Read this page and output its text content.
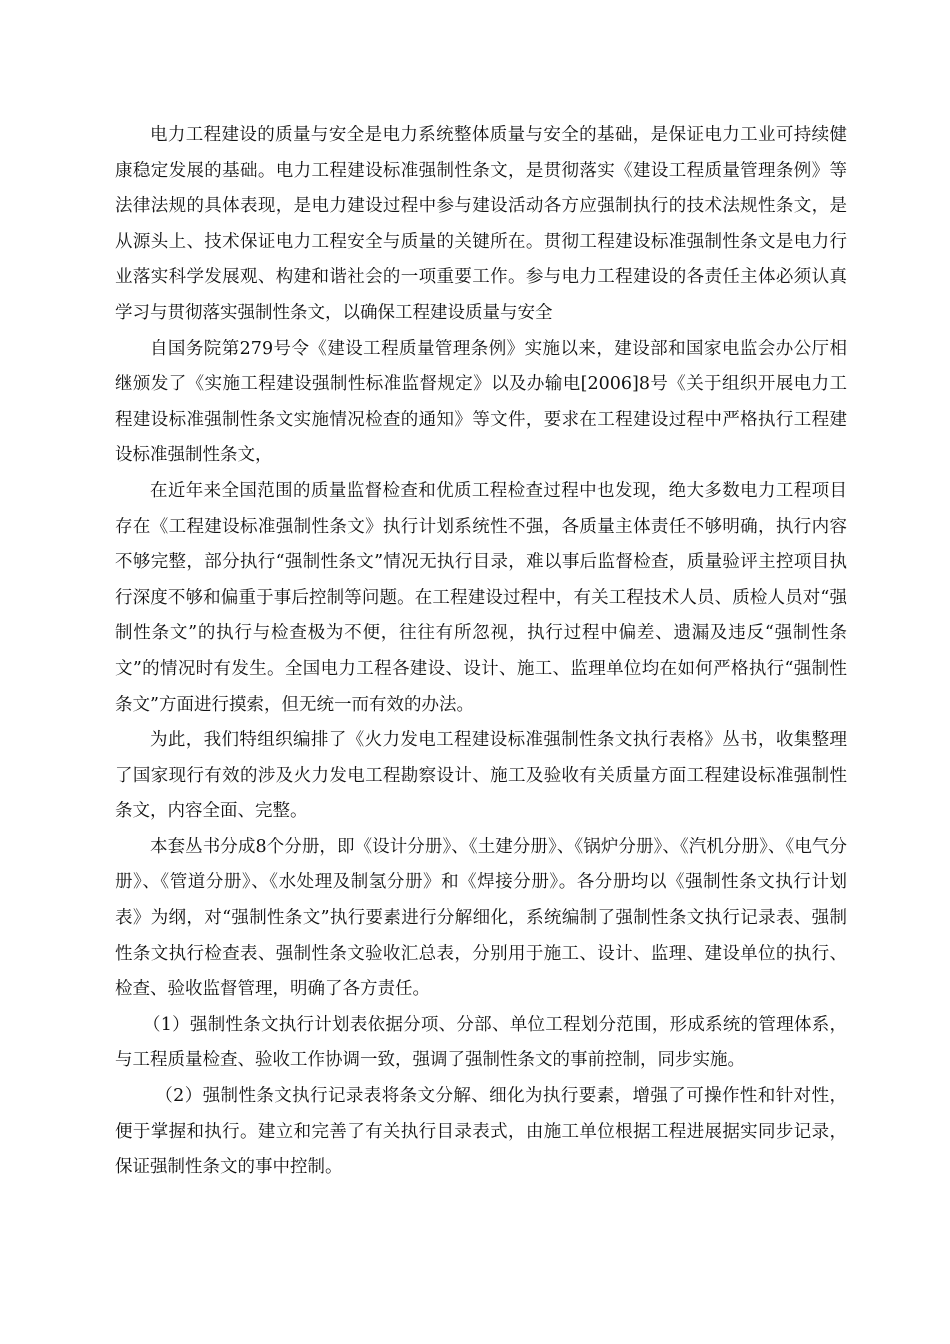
电力工程建设的质量与安全是电力系统整体质量与安全的基础，是保证电力工业可持续健康稳定发展的基础。电力工程建设标准强制性条文，是贯彻落实《建设工程质量管理条例》等法律法规的具体表现，是电力建设过程中参与建设活动各方应强制执行的技术法规性条文，是从源头上、技术保证电力工程安全与质量的关键所在。贯彻工程建设标准强制性条文是电力行业落实科学发展观、构建和谐社会的一项重要工作。参与电力工程建设的各责任主体必须认真学习与贯彻落实强制性条文，以确保工程建设质量与安全

自国务院第279号令《建设工程质量管理条例》实施以来，建设部和国家电监会办公厅相继颁发了《实施工程建设强制性标准监督规定》以及办输电[2006]8号《关于组织开展电力工程建设标准强制性条文实施情况检查的通知》等文件，要求在工程建设过程中严格执行工程建设标准强制性条文，

在近年来全国范围的质量监督检查和优质工程检查过程中也发现，绝大多数电力工程项目存在《工程建设标准强制性条文》执行计划系统性不强，各质量主体责任不够明确，执行内容不够完整，部分执行“强制性条文”情况无执行目录，难以事后监督检查，质量验评主控项目执行深度不够和偏重于事后控制等问题。在工程建设过程中，有关工程技术人员、质检人员对“强制性条文”的执行与检查极为不便，往往有所忽视，执行过程中偏差、遗漏及违反“强制性条文”的情况时有发生。全国电力工程各建设、设计、施工、监理单位均在如何严格执行“强制性条文”方面进行摸索，但无统一而有效的办法。

为此，我们特组织编排了《火力发电工程建设标准强制性条文执行表格》丛书，收集整理了国家现行有效的涉及火力发电工程勘察设计、施工及验收有关质量方面工程建设标准强制性条文，内容全面、完整。

本套丛书分成8个分册，即《设计分册》、《土建分册》、《锅炉分册》、《汽机分册》、《电气分册》、《管道分册》、《水处理及制氢分册》和《焊接分册》。各分册均以《强制性条文执行计划表》为纲，对“强制性条文”执行要素进行分解细化，系统编制了强制性条文执行记录表、强制性条文执行检查表、强制性条文验收汇总表，分别用于施工、设计、监理、建设单位的执行、检查、验收监督管理，明确了各方责任。

（1）强制性条文执行计划表依据分项、分部、单位工程划分范围，形成系统的管理体系，与工程质量检查、验收工作协调一致，强调了强制性条文的事前控制，同步实施。

（2）强制性条文执行记录表将条文分解、细化为执行要素，增强了可操作性和针对性，便于掌握和执行。建立和完善了有关执行目录表式，由施工单位根据工程进展据实同步记录，保证强制性条文的事中控制。
